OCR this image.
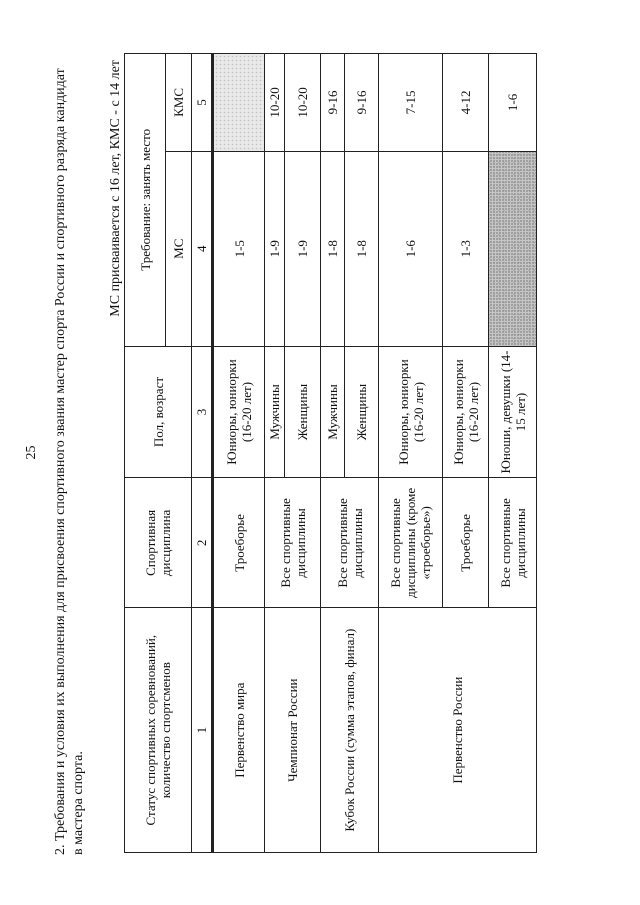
25 2. Требования и условия их выполнения для присвоения спортивного звания мастер спорта России и спортивного разряда кандидат в мастера спорта.
МС присваивается с 16 лет, КМС - с 14 лет
Статус спортивных соревнований, количество спортсменов	Спортивная дисциплина	Пол, возраст	Требование: занять место	
			МС	КМС
1	2	3	4	5
Первенство мира	Троеборье	Юниоры, юниорки (16-20 лет)	1-5	
Чемпионат России	Все спортивные дисциплины	Мужчины	1-9	10-20
		Женщины	1-9	10-20
Кубок России (сумма этапов, финал)	Все спортивные дисциплины	Мужчины	1-8	9-16
		Женщины	1-8	9-16
Первенство России	Все спортивные дисциплины (кроме «троеборье»)	Юниоры, юниорки (16-20 лет)	1-6	7-15
	Троеборье	Юниоры, юниорки (16-20 лет)	1-3	4-12
	Все спортивные дисциплины	Юноши, девушки (14-15 лет)		1-6
